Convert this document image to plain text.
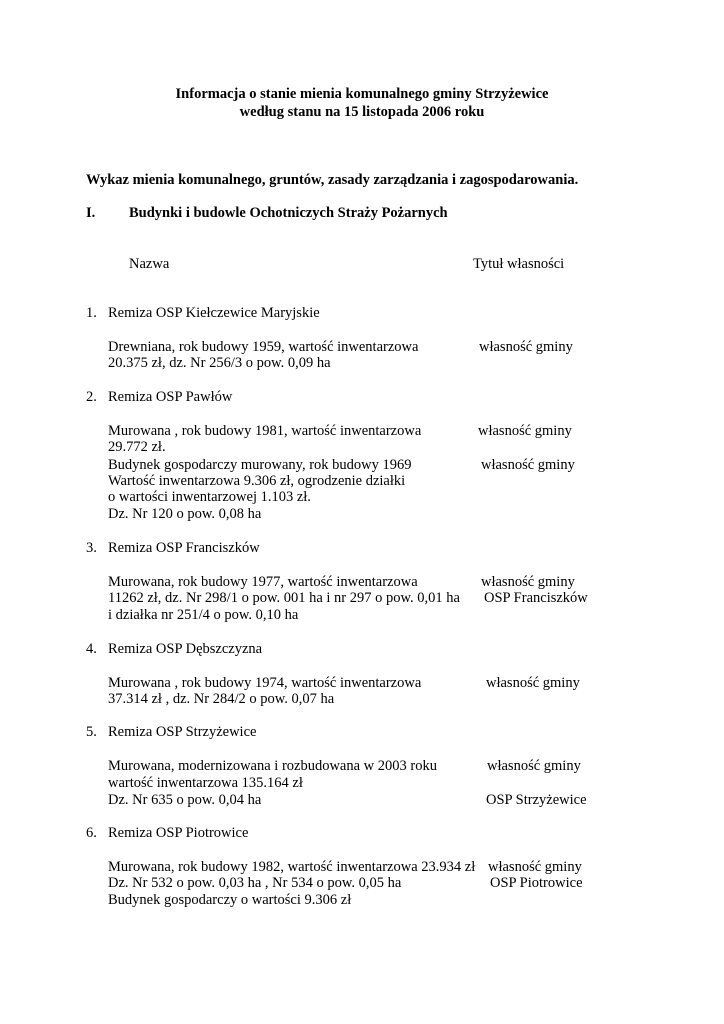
Informacja o stanie mienia komunalnego gminy Strzyżewice
według stanu na 15 listopada 2006 roku
Wykaz mienia komunalnego, gruntów, zasady zarządzania i zagospodarowania.
I. Budynki i budowle Ochotniczych Straży Pożarnych
Nazwa	Tytuł własności
1. Remiza OSP Kiełczewice Maryjskie
Drewniana, rok budowy 1959, wartość inwentarzowa
20.375 zł, dz. Nr 256/3 o pow. 0,09 ha
własność gminy
2. Remiza OSP Pawłów
Murowana , rok budowy 1981, wartość inwentarzowa
29.772 zł.
Budynek gospodarczy murowany, rok budowy 1969
Wartość inwentarzowa 9.306 zł, ogrodzenie działki
o wartości inwentarzowej 1.103 zł.
Dz. Nr 120 o pow. 0,08 ha
własność gminy
własność gminy
3. Remiza OSP Franciszków
Murowana, rok budowy 1977, wartość inwentarzowa
11262 zł, dz. Nr 298/1 o pow. 001 ha i nr 297 o pow. 0,01 ha
i działka nr 251/4 o pow. 0,10 ha
własność gminy
OSP Franciszków
4. Remiza OSP Dębszczyzna
Murowana , rok budowy 1974, wartość inwentarzowa
37.314 zł , dz. Nr 284/2 o pow. 0,07 ha
własność gminy
5. Remiza OSP Strzyżewice
Murowana, modernizowana i rozbudowana w 2003 roku
wartość inwentarzowa 135.164 zł
Dz. Nr 635 o pow. 0,04 ha
własność gminy
OSP Strzyżewice
6. Remiza OSP Piotrowice
Murowana, rok budowy 1982, wartość inwentarzowa 23.934 zł
Dz. Nr 532 o pow. 0,03 ha , Nr 534 o pow. 0,05 ha
Budynek gospodarczy o wartości 9.306 zł
własność gminy
OSP Piotrowice
